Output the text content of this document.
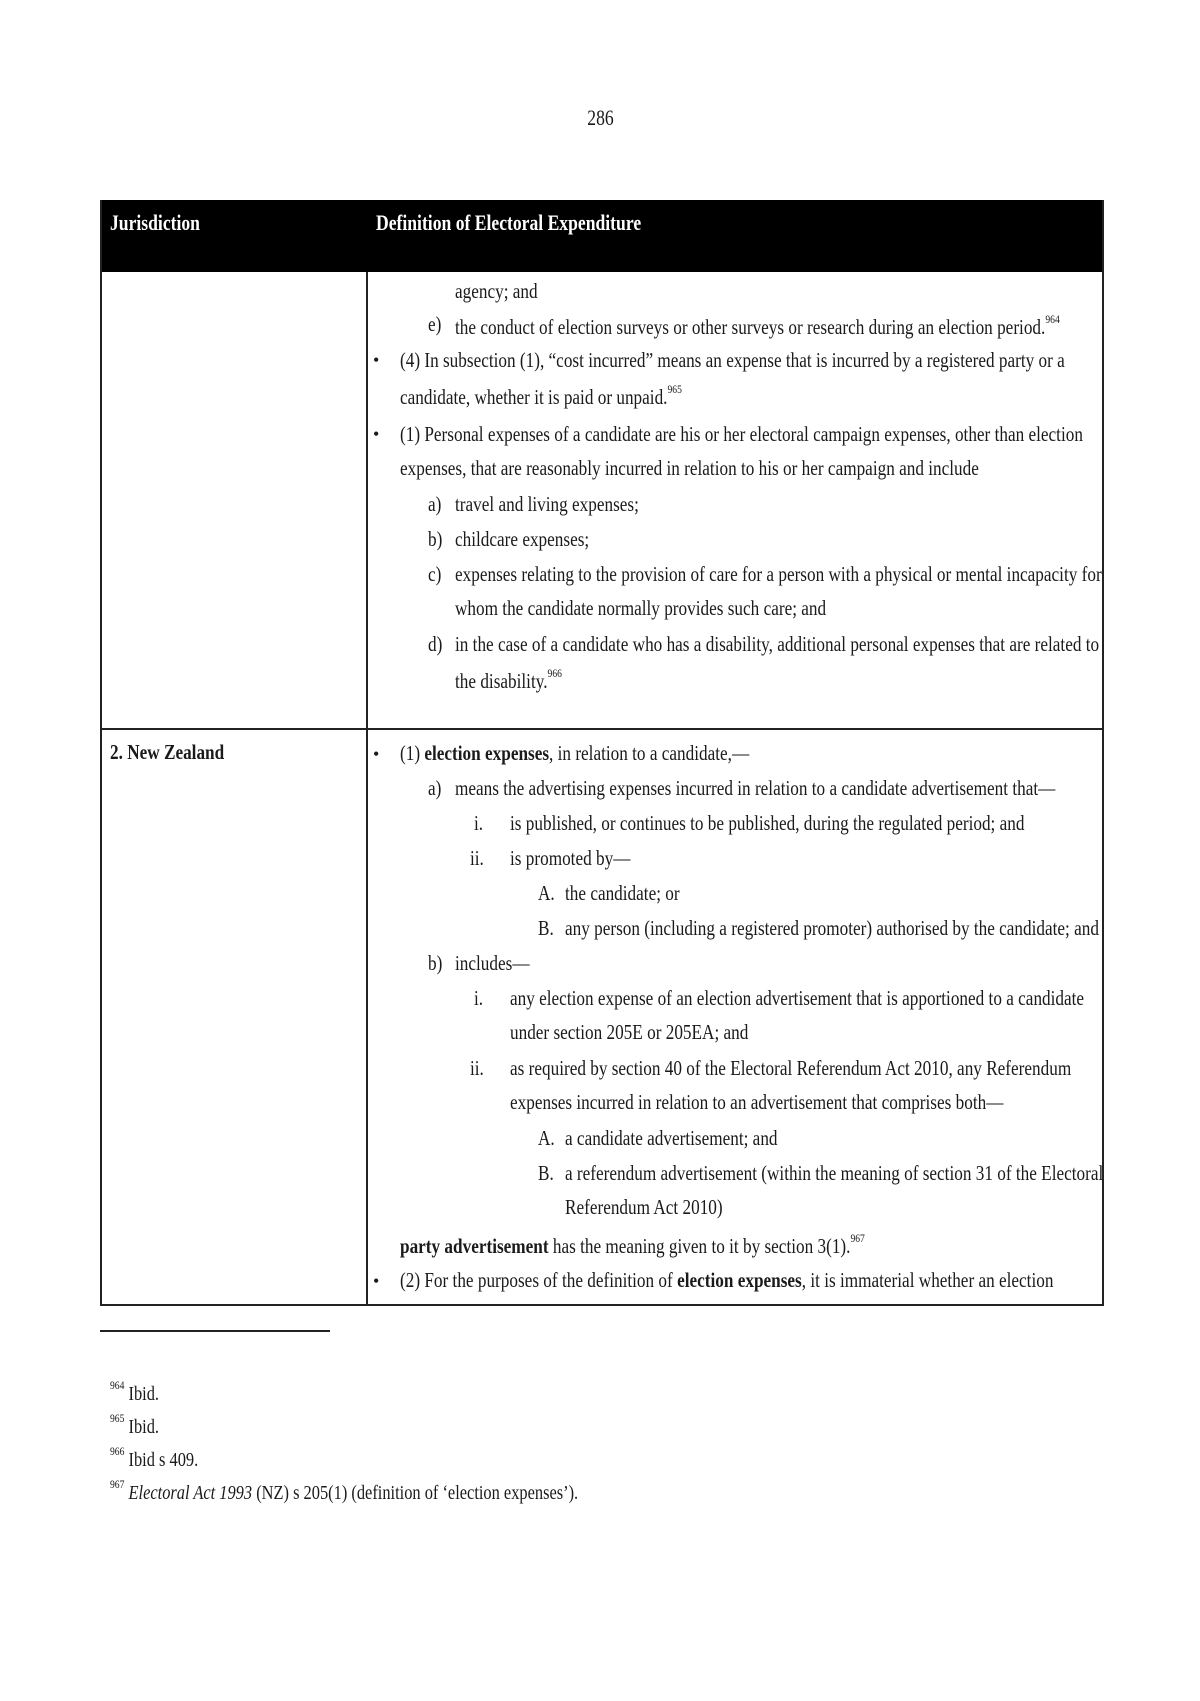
286
Jurisdiction	Definition of Electoral Expenditure
agency; and
e) the conduct of election surveys or other surveys or research during an election period.$^{964}$
• (4) In subsection (1), “cost incurred” means an expense that is incurred by a registered party or a
candidate, whether it is paid or unpaid.$^{965}$
• (1) Personal expenses of a candidate are his or her electoral campaign expenses, other than election
expenses, that are reasonably incurred in relation to his or her campaign and include
a) travel and living expenses;
b) childcare expenses;
c) expenses relating to the provision of care for a person with a physical or mental incapacity for
whom the candidate normally provides such care; and
d) in the case of a candidate who has a disability, additional personal expenses that are related to
the disability.$^{966}$
2. New Zealand	• (1) election expenses, in relation to a candidate,—
a) means the advertising expenses incurred in relation to a candidate advertisement that—
i. is published, or continues to be published, during the regulated period; and
ii. is promoted by—
A. the candidate; or
B. any person (including a registered promoter) authorised by the candidate; and
b) includes—
i. any election expense of an election advertisement that is apportioned to a candidate
under section 205E or 205EA; and
ii. as required by section 40 of the Electoral Referendum Act 2010, any Referendum
expenses incurred in relation to an advertisement that comprises both—
A. a candidate advertisement; and
B. a referendum advertisement (within the meaning of section 31 of the Electoral
Referendum Act 2010)
party advertisement has the meaning given to it by section 3(1).$^{967}$
• (2) For the purposes of the definition of election expenses, it is immaterial whether an election
$^{964}$ Ibid.
$^{965}$ Ibid.
$^{966}$ Ibid s 409.
$^{967}$ Electoral Act 1993 (NZ) s 205(1) (definition of ‘election expenses’).
